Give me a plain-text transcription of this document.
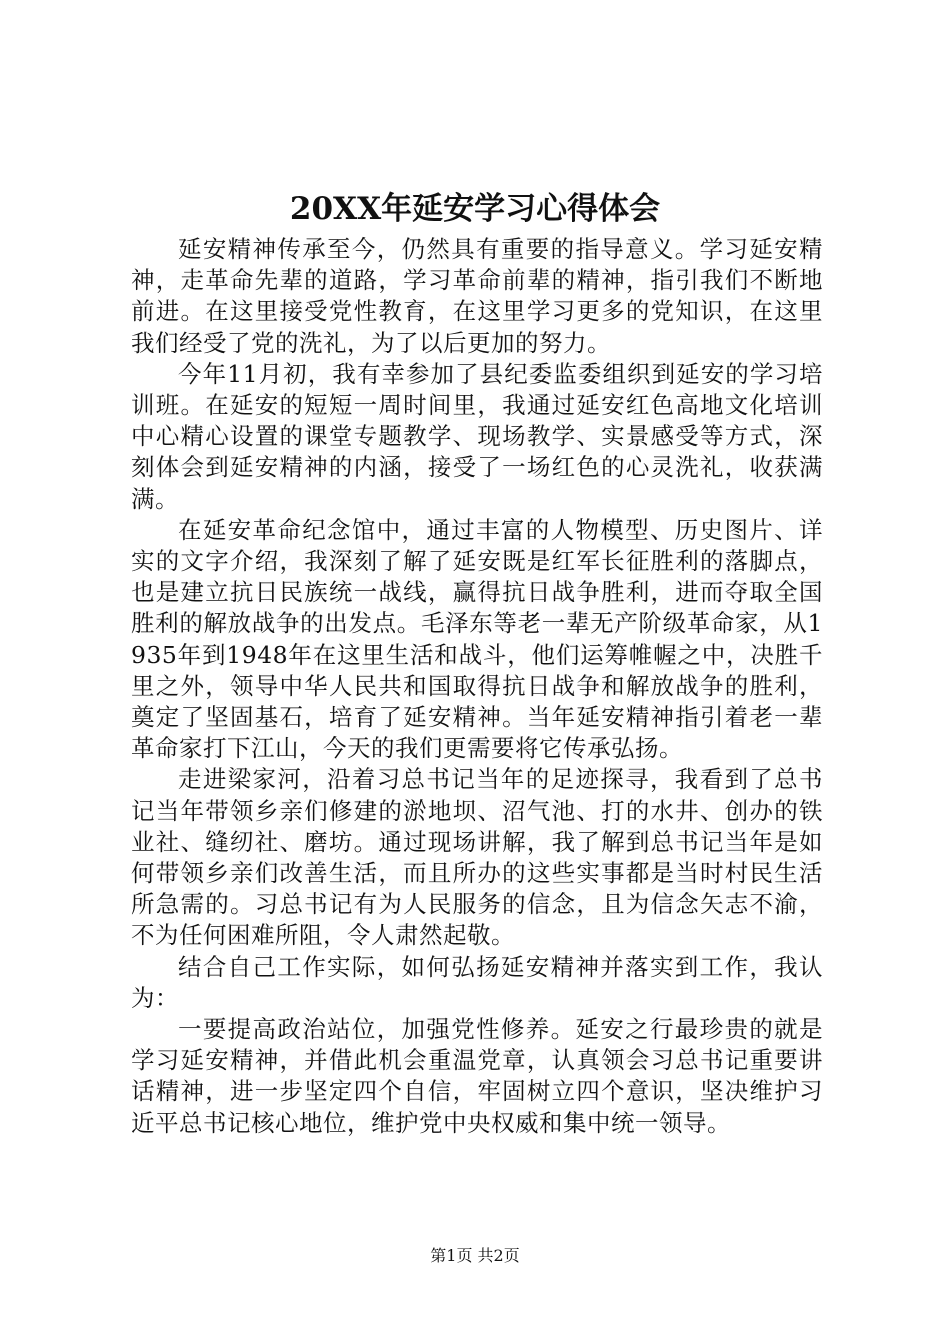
20XX年延安学习心得体会

延安精神传承至今，仍然具有重要的指导意义。学习延安精神，走革命先辈的道路，学习革命前辈的精神，指引我们不断地前进。在这里接受党性教育，在这里学习更多的党知识，在这里我们经受了党的洗礼，为了以后更加的努力。

今年11月初，我有幸参加了县纪委监委组织到延安的学习培训班。在延安的短短一周时间里，我通过延安红色高地文化培训中心精心设置的课堂专题教学、现场教学、实景感受等方式，深刻体会到延安精神的内涵，接受了一场红色的心灵洗礼，收获满满。

在延安革命纪念馆中，通过丰富的人物模型、历史图片、详实的文字介绍，我深刻了解了延安既是红军长征胜利的落脚点，也是建立抗日民族统一战线，赢得抗日战争胜利，进而夺取全国胜利的解放战争的出发点。毛泽东等老一辈无产阶级革命家，从1935年到1948年在这里生活和战斗，他们运筹帷幄之中，决胜千里之外，领导中华人民共和国取得抗日战争和解放战争的胜利，奠定了坚固基石，培育了延安精神。当年延安精神指引着老一辈革命家打下江山，今天的我们更需要将它传承弘扬。

走进梁家河，沿着习总书记当年的足迹探寻，我看到了总书记当年带领乡亲们修建的淤地坝、沼气池、打的水井、创办的铁业社、缝纫社、磨坊。通过现场讲解，我了解到总书记当年是如何带领乡亲们改善生活，而且所办的这些实事都是当时村民生活所急需的。习总书记有为人民服务的信念，且为信念矢志不渝，不为任何困难所阻，令人肃然起敬。

结合自己工作实际，如何弘扬延安精神并落实到工作，我认为：

一要提高政治站位，加强党性修养。延安之行最珍贵的就是学习延安精神，并借此机会重温党章，认真领会习总书记重要讲话精神，进一步坚定四个自信，牢固树立四个意识，坚决维护习近平总书记核心地位，维护党中央权威和集中统一领导。

第1页 共2页
